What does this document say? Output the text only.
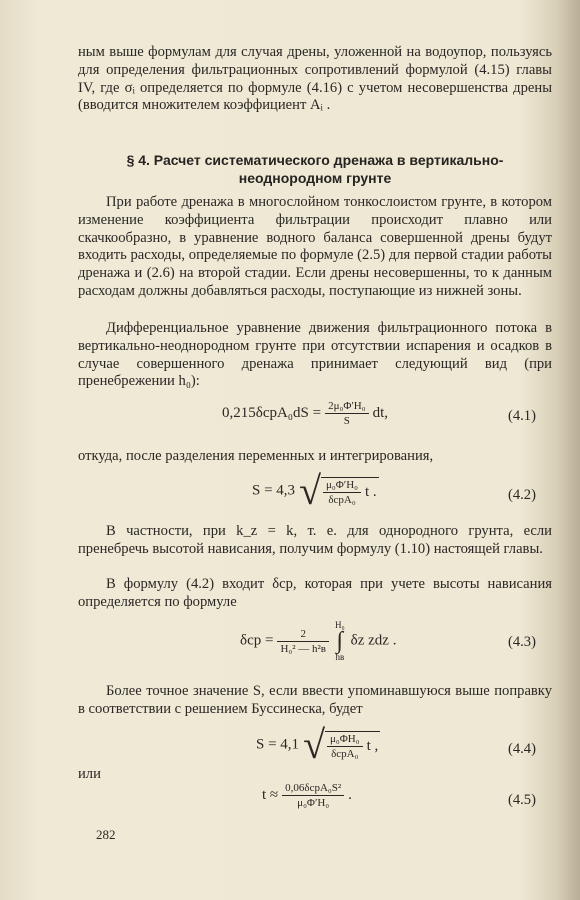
ным выше формулам для случая дрены, уложенной на водоупор, пользуясь для определения фильтрационных сопротивлений формулой (4.15) главы IV, где σᵢ определяется по формуле (4.16) с учетом несовершенства дрены (вводится множителем коэффициент Aᵢ .

§ 4. Расчет систематического дренажа в вертикально-
неоднородном грунте

При работе дренажа в многослойном тонкослоистом грунте, в котором изменение коэффициента фильтрации происходит плавно или скачкообразно, в уравнение водного баланса совершенной дрены будут входить расходы, определяемые по формуле (2.5) для первой стадии работы дренажа и (2.6) на второй стадии. Если дрены несовершенны, то к данным расходам должны добавляться расходы, поступающие из нижней зоны.

Дифференциальное уравнение движения фильтрационного потока в вертикально-неоднородном грунте при отсутствии испарения и осадков в случае совершенного дренажа принимает следующий вид (при пренебрежении h₀):

$0,215\delta cpA_0dS = \frac{\text{2μ₀Φ′H₀}}{S}$ dt,	(4.1)

откуда, после разделения переменных и интегрирования,

S = 4,3 √ $\frac{\text{μ₀Φ′H₀}}{\text{δcpA₀}}$ t .	(4.2)

В частности, при k_z = k, т. е. для однородного грунта, если пренебречь высотой нависания, получим формулу (1.10) настоящей главы.

В формулу (4.2) входит δcp, которая при учете высоты нависания определяется по формуле

$\delta cp = \frac{2}{\text{H₀² — h²в}}$
H₀
∫
hв δz zdz .	(4.3)

Более точное значение S, если ввести упоминавшуюся выше поправку в соответствии с решением Буссинеска, будет

S = 4,1 √ $\frac{\text{μ₀ΦH₀}}{\text{δcpA₀}}$ t ,	(4.4)

или

$t \approx \frac{\text{0,06δcpA₀S²}}{\text{μ₀Φ′H₀}}$ .	(4.5)
282
